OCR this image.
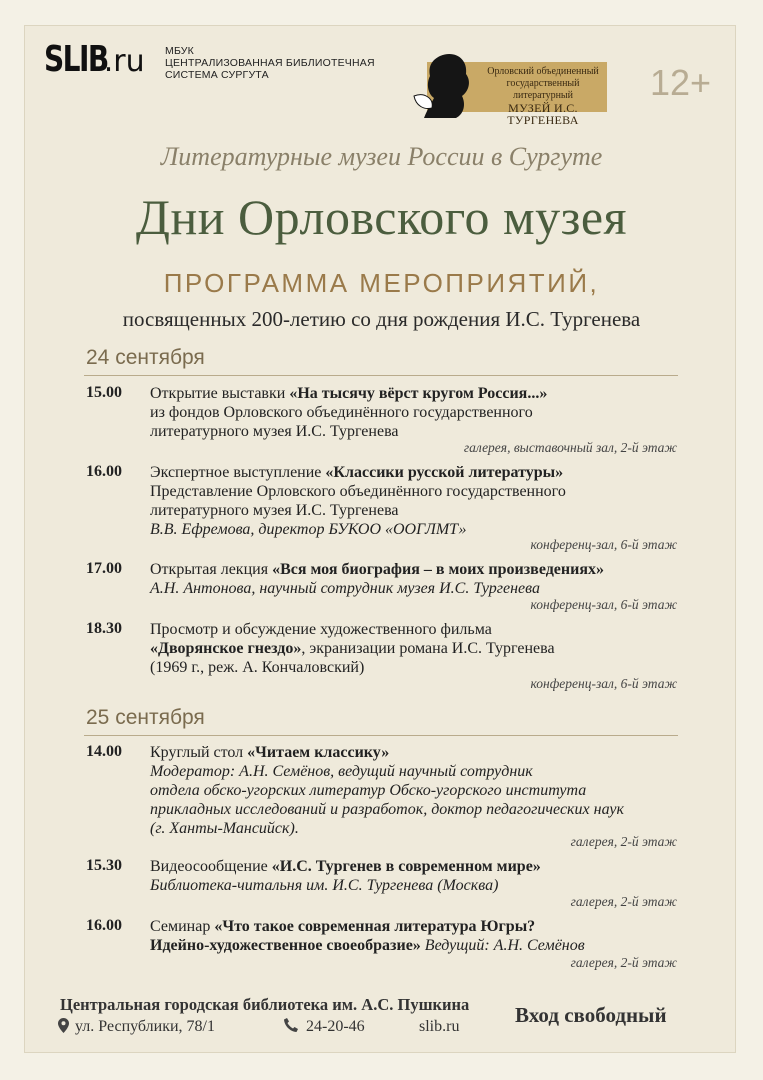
SLIB.ru МБУК
ЦЕНТРАЛИЗОВАННАЯ БИБЛИОТЕЧНАЯ
СИСТЕМА СУРГУТА	Орловский объединенный
государственный литературный
МУЗЕЙ И.С. ТУРГЕНЕВА
12+
Литературные музеи России в Сургуте
Дни Орловского музея
ПРОГРАММА МЕРОПРИЯТИЙ,
посвященных 200-летию со дня рождения И.С. Тургенева
24 сентября
15.00 Открытие выставки «На тысячу вёрст кругом Россия...»
из фондов Орловского объединённого государственного
литературного музея И.С. Тургенева
галерея, выставочный зал, 2-й этаж
16.00 Экспертное выступление «Классики русской литературы»
Представление Орловского объединённого государственного
литературного музея И.С. Тургенева
В.В. Ефремова, директор БУКОО «ООГЛМТ»
конференц-зал, 6-й этаж
17.00 Открытая лекция «Вся моя биография – в моих произведениях»
А.Н. Антонова, научный сотрудник музея И.С. Тургенева
конференц-зал, 6-й этаж
18.30 Просмотр и обсуждение художественного фильма
«Дворянское гнездо», экранизации романа И.С. Тургенева
(1969 г., реж. А. Кончаловский)
конференц-зал, 6-й этаж
25 сентября
14.00 Круглый стол «Читаем классику»
Модератор: А.Н. Семёнов, ведущий научный сотрудник
отдела обско-угорских литератур Обско-угорского института
прикладных исследований и разработок, доктор педагогических наук
(г. Ханты-Мансийск).
галерея, 2-й этаж
15.30 Видеосообщение «И.С. Тургенев в современном мире»
Библиотека-читальня им. И.С. Тургенева (Москва)
галерея, 2-й этаж
16.00 Семинар «Что такое современная литература Югры?
Идейно-художественное своеобразие» Ведущий: А.Н. Семёнов
галерея, 2-й этаж
Центральная городская библиотека им. А.С. Пушкина
ул. Республики, 78/1	24-20-46	slib.ru	Вход свободный
